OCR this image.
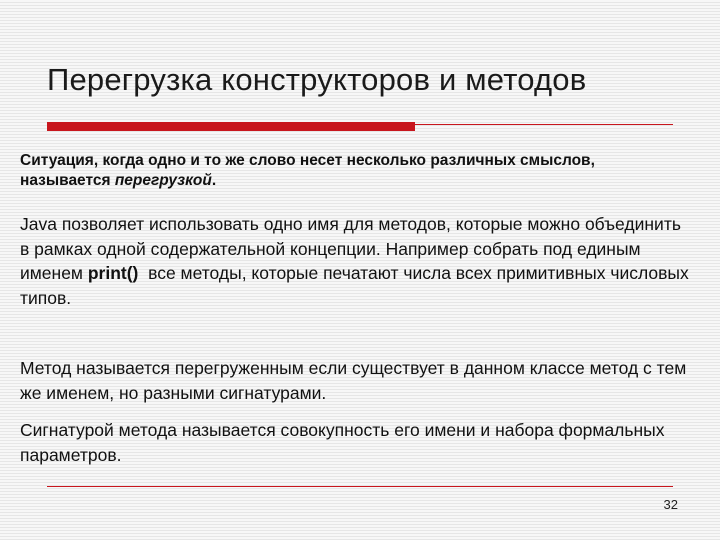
Перегрузка конструкторов и методов
Ситуация, когда одно и то же слово несет несколько различных смыслов,
называется перегрузкой.
Java позволяет использовать одно имя для методов, которые можно объединить в рамках одной содержательной концепции. Например собрать под единым именем print()  все методы, которые печатают числа всех примитивных числовых типов.
Метод называется перегруженным если существует в данном классе метод с тем же именем, но разными сигнатурами.
Сигнатурой метода называется совокупность его имени и набора формальных параметров.
32
